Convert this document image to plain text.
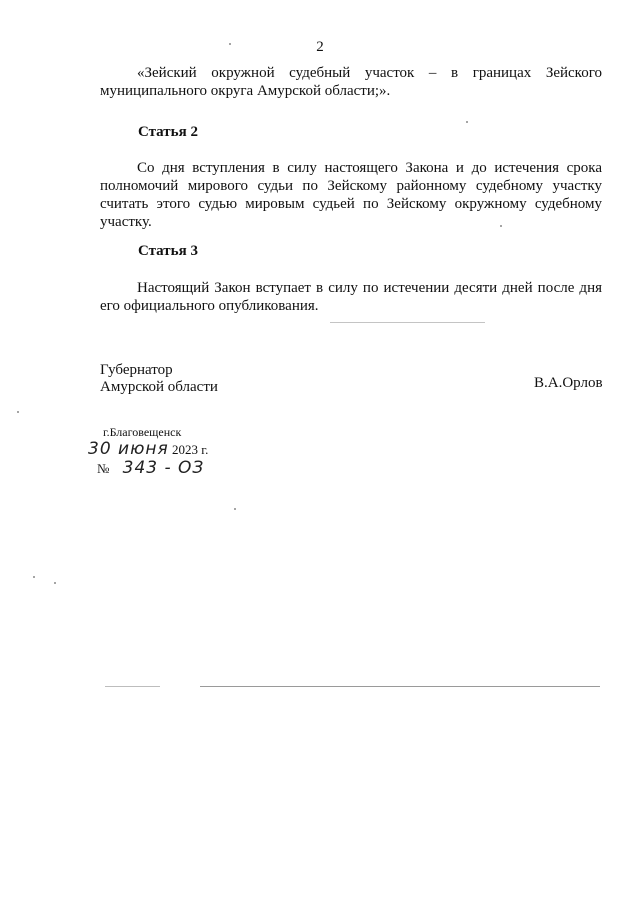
2

«Зейский окружной судебный участок – в границах Зейского муниципального округа Амурской области;».

Статья 2

Со дня вступления в силу настоящего Закона и до истечения срока полномочий мирового судьи по Зейскому районному судебному участку считать этого судью мировым судьей по Зейскому окружному судебному участку.

Статья 3

Настоящий Закон вступает в силу по истечении десяти дней после дня его официального опубликования.

Губернатор
Амурской области	В.А.Орлов
г.Благовещенск
30 июня 2023 г.
№ 343 - ОЗ
